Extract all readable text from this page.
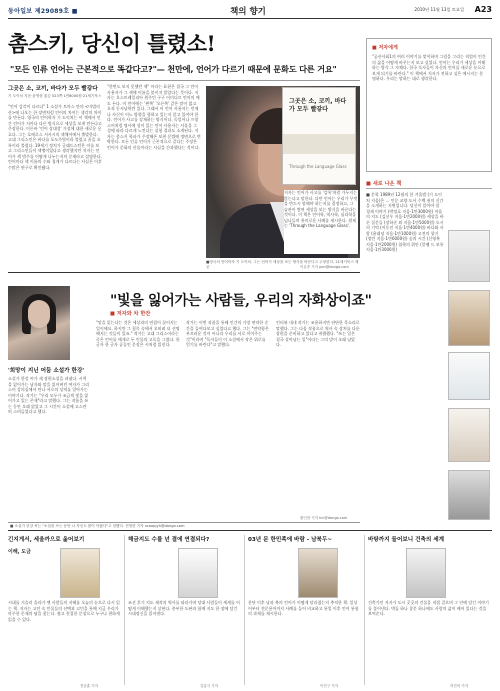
동아일보 제29089호 ■	책의 향기	2010년 11월 13일 토요일 A23
촘스키, 당신이 틀렸소!
"모든 인류 언어는 근본적으로 똑같다고?"— 천만에, 언어가 다르기 때문에 문화도 다른 거요"
그곳은 소, 코끼, 바다가 모두 빨갛다
기 도이처 지음·윤영삼 옮김 523쪽·1만8000원·21세기북스
"언어 감각이 다르다" 1 소설가 토마스 만의 <마법의 산>에 나오는 한 장면처럼 언어의 차이는 생각의 차이를 만든다. 영국의 언어학자 기 도이처는 이 책에서 인간 언어가 저마다 다른 방식으로 세상을 보게 만든다고 주장한다. 이른바 '언어 상대성' 가설에 대한 새로운 옹호다. 그는 호메로스 서사시의 색채어에서 출발한다. 고대 그리스인은 바다를 포도주빛이라 불렀고 꿀을 초록이라 불렀다. 19세기 정치가 글래드스턴은 이를 보고 그리스인들이 색맹이었다고 생각했지만 저자는 언어가 색 범주를 어떻게 나누는지의 문제라고 설명한다. 언어마다 색 이름의 수와 경계가 다르다는 사실은 이후 수많은 연구로 확인됐다.
"한번도 보지 못했던 색" 이라는 표현은 결국 그 언어 사용자가 그 색에 이름을 붙이지 않았다는 뜻이다. 저자는 오스트레일리아 원주민 구구 이미디르 언어의 예도 든다. 이 언어에는 '왼쪽' '오른쪽' 같은 말이 없고 오직 동서남북만 있다. 그래서 이 언어 사용자는 언제나 자신이 어느 방향을 향하고 있는지 알고 있어야 한다. 언어가 사고를 강제하는 방식이다. 독일어나 프랑스어처럼 명사에 성이 있는 언어 사용자는 사물을 그 성에 따라 다르게 느낀다는 실험 결과도 소개된다. 저자는 촘스키 학파가 주장해온 보편 문법에 정면으로 반박한다. 모든 인류 언어가 근본적으로 같다는 주장은 언어가 문화의 산물이라는 사실을 간과했다는 것이다.
그곳은 소, 코끼, 바다가 모두 빨갛다
Through the Language Glass
저자는 언어가 사고를 '감옥'처럼 가두지는 않는다고 말한다. 다만 언어는 우리가 무엇을 반드시 말해야 하는지를 결정하고, 그 습관이 쌓여 세상을 보는 방식을 바꾼다는 것이다. 이 책은 언어학, 역사학, 심리학을 넘나들며 흥미로운 사례를 제시한다. 원제는 'Through the Language Glass'.
■영국의 언어학자 기 도이처. 그는 언어가 세상을 보는 방식을 바꾼다고 주장한다. 21세기북스 제공
■ 저자에게
"공산사회1의 여러 이야기를 맞이하며 그림을 그리는 직업이 인간의 삶을 어떻게 바꾸는지 보고 싶었다. 언어는 우리가 세상을 이해하는 방식 그 자체다. 한국 독자들이 자신의 언어를 새로운 눈으로 보게 되기를 바란다." 이 책에서 저자가 전하고 싶은 메시지는 분명하다. 우리는 말하는 대로 생각한다.
■ 새로 나온 책
■ 문학 1989년 12월의 한 겨울밤 (기 도이처 지음)은 ... 인문 교양 도서 수백 권의 신간을 소개하는 지면입니다. 당신이 알아야 할 경제 이야기 (박정호 지음·1만3000원) 마음의 지도 (김선우 지음·1만2000원) 세상을 바꾼 질문들 (장하준 외 지음·1만5000원) 도시의 기억 (이동진 지음·1만4000원) 바다와 사람 (윤대녕 지음·1만1000원) 고전의 향기 (정민 지음·1만6000원) 숲의 시간 (신영복 지음·1만2000원) 철학의 위안 (알랭 드 보통 지음·1만3000원)
"빛을 잃어가는 사람들, 우리의 자화상이죠"
■ 저자와 차 한잔
'희망이 지닌 어둠 소설가 한강'
소설가 한강 씨가 새 장편소설을 펴냈다. 시력을 잃어가는 남자와 말을 잃어버린 여자가 그리스어 강의실에서 만나 서로의 상처를 알아가는 이야기다. 작가는 "우리 모두가 조금씩 빛을 잃어가고 있는 존재"라고 말했다. 그는 작품을 쓰는 동안 오래 앓았고 그 시간이 소설에 고스란히 스며들었다고 했다.
"말을 잃는다는 것은 세상과의 연결이 끊어지는 일이에요. 하지만 그 침묵 속에서 오히려 더 선명해지는 것들이 있죠." 작가는 고대 그리스어라는 죽은 언어를 매개로 두 인물의 고독을 그렸다. 한 글자 한 글자 공들인 문장은 시처럼 읽힌다.
작가는 이번 작품을 통해 인간의 가장 연약한 순간을 들여다보고 싶었다고 했다. 그는 "연약함은 부끄러운 것이 아니라 우리를 서로 이어주는 것"이라며 "독자들이 이 소설에서 작은 위로를 얻기를 바란다"고 말했다.
인터뷰 내내 작가는 조용하지만 단단한 목소리로 말했다. 그는 다음 작품으로 역사 속 상처를 다룬 장편을 준비하고 있다고 귀띔했다. "쓰는 일은 결국 살아남는 일"이라는 그의 말이 오래 남았다.
■ 소설가 한강 씨는 "소설을 쓰는 동안 나 자신도 많이 아팠다"고 말했다. 전영한 기자 scoopjyh@donga.com
긴지게서, 세울까으로 옮어보기
이해, 도금
시대를 거슬러 올라가 옛 사람들의 지혜를 오늘의 눈으로 다시 읽는 책. 저자는 고전 속 인물들의 선택과 고민을 통해 지금 우리가 마주한 문제의 답을 찾는다. 쉽고 친절한 문장으로 누구나 편하게 읽을 수 있다.
해금지도 수를 넌 결에 연결되다?
조선 후기 지도 제작의 역사를 따라가며 당대 사람들이 세계를 어떻게 이해했는지 살핀다. 풍부한 도판과 함께 지도 한 장에 담긴 시대정신을 읽어낸다.
03년 문 한민족에 바람 - 남북두~
분단 이후 남과 북의 언어가 어떻게 달라졌는지 추적한 책. 일상어부터 전문용어까지 사례를 들어 비교하고 통일 이후 언어 통합의 과제를 제시한다.
바탕까지 들어보니 건축의 세계
건축가인 저자가 도시 곳곳의 건물을 직접 걸으며 그 안에 담긴 이야기를 풀어낸다. 벽돌 하나 창문 하나에도 사람의 삶이 배어 있다는 것을 보여준다.
전승훈 기자	김갑식 기자	이진구 기자	허진석 기자
이유종 기자 pen@donga.com
황인찬 기자 hic@donga.com
